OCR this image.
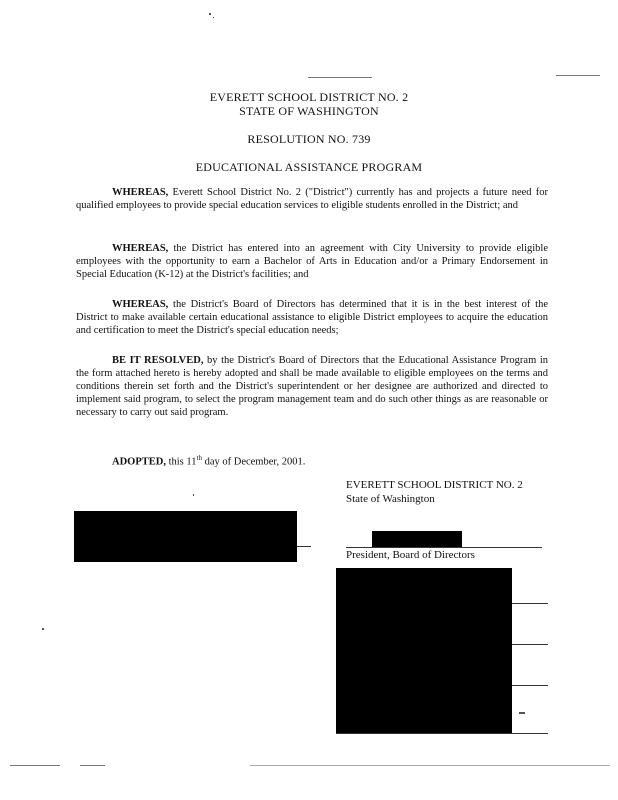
EVERETT SCHOOL DISTRICT NO. 2
STATE OF WASHINGTON
RESOLUTION NO. 739
EDUCATIONAL ASSISTANCE PROGRAM
WHEREAS, Everett School District No. 2 ("District") currently has and projects a future need for qualified employees to provide special education services to eligible students enrolled in the District; and
WHEREAS, the District has entered into an agreement with City University to provide eligible employees with the opportunity to earn a Bachelor of Arts in Education and/or a Primary Endorsement in Special Education (K-12) at the District's facilities; and
WHEREAS, the District's Board of Directors has determined that it is in the best interest of the District to make available certain educational assistance to eligible District employees to acquire the education and certification to meet the District's special education needs;
BE IT RESOLVED, by the District's Board of Directors that the Educational Assistance Program in the form attached hereto is hereby adopted and shall be made available to eligible employees on the terms and conditions therein set forth and the District's superintendent or her designee are authorized and directed to implement said program, to select the program management team and do such other things as are reasonable or necessary to carry out said program.
ADOPTED, this 11th day of December, 2001.
EVERETT SCHOOL DISTRICT NO. 2
State of Washington
President, Board of Directors
